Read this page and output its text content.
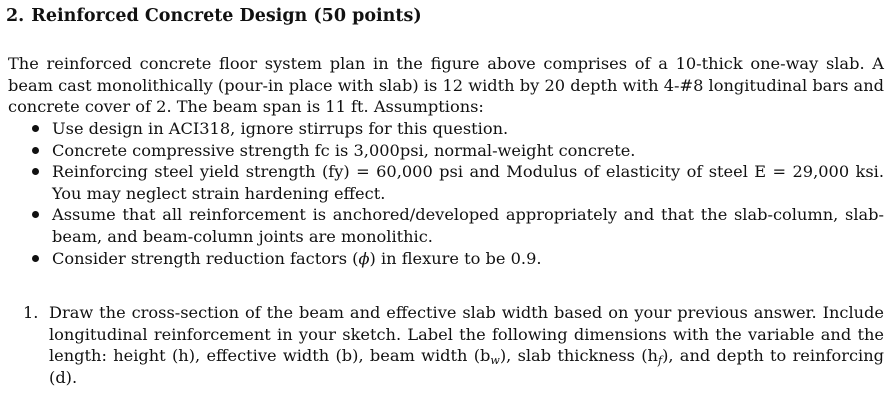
2. Reinforced Concrete Design (50 points)
The reinforced concrete floor system plan in the figure above comprises of a 10-thick one-way slab. A beam cast monolithically (pour-in place with slab) is 12 width by 20 depth with 4-#8 longitudinal bars and concrete cover of 2. The beam span is 11 ft. Assumptions:
Use design in ACI318, ignore stirrups for this question.
Concrete compressive strength fc is 3,000psi, normal-weight concrete.
Reinforcing steel yield strength (fy) = 60,000 psi and Modulus of elasticity of steel E = 29,000 ksi. You may neglect strain hardening effect.
Assume that all reinforcement is anchored/developed appropriately and that the slab-column, slab-beam, and beam-column joints are monolithic.
Consider strength reduction factors (ϕ) in flexure to be 0.9.
1. Draw the cross-section of the beam and effective slab width based on your previous answer. Include longitudinal reinforcement in your sketch. Label the following dimensions with the variable and the length: height (h), effective width (b), beam width $(b_w)$, slab thickness $(h_f)$, and depth to reinforcing (d).
